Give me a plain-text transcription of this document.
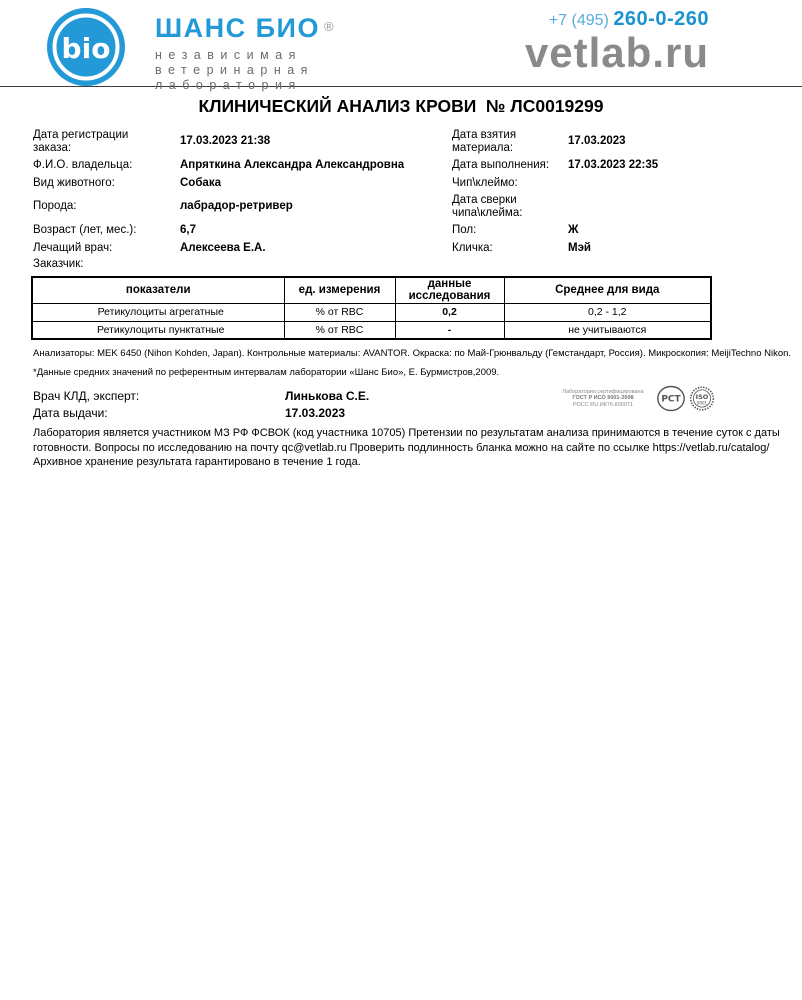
bio
ШАНС БИО ®
независимая
ветеринарная
лаборатория
+7 (495) 260-0-260
vetlab.ru
КЛИНИЧЕСКИЙ АНАЛИЗ КРОВИ  № ЛС0019299
Дата регистрации заказа:
17.03.2023 21:38
Дата взятия материала:
17.03.2023
Ф.И.О. владельца:	Апряткина Александра Александровна	Дата выполнения:	17.03.2023 22:35
Вид животного:	Собака	Чип\клеймо:
Порода:	лабрадор-ретривер
Дата сверки чипа\клейма:
Возраст (лет, мес.):	6,7	Пол:	Ж
Лечащий врач:	Алексеева Е.А.	Кличка:	Мэй
Заказчик:
показатели	ед. измерения	данные исследования	Среднее для вида
Ретикулоциты агрегатные	% от RBC	0,2	0,2 - 1,2
Ретикулоциты пунктатные	% от RBC	-	не учитываются
Анализаторы: MEK 6450 (Nihon Kohden, Japan). Контрольные материалы: AVANTOR. Окраска: по Май-Грюнвальду (Гемстандарт, Россия). Микроскопия: MeijiTechno Nikon.
*Данные средних значений по референтным интервалам лаборатории «Шанс Био», Е. Бурмистров,2009.
Врач КЛД, эксперт:	Линькова С.Е.
Дата выдачи:	17.03.2023
Лаборатория сертифицирована
ГОСТ Р ИСО 9001-2008
РОСС RU.ИК76.К00071
РСТ ISO
9001
Лаборатория является участником МЗ РФ ФСВОК (код участника 10705) Претензии по результатам анализа принимаются в течение суток с даты готовности. Вопросы по исследованию на почту qc@vetlab.ru Проверить подлинность бланка можно на сайте по ссылке https://vetlab.ru/catalog/ Архивное хранение результата гарантировано в течение 1 года.
